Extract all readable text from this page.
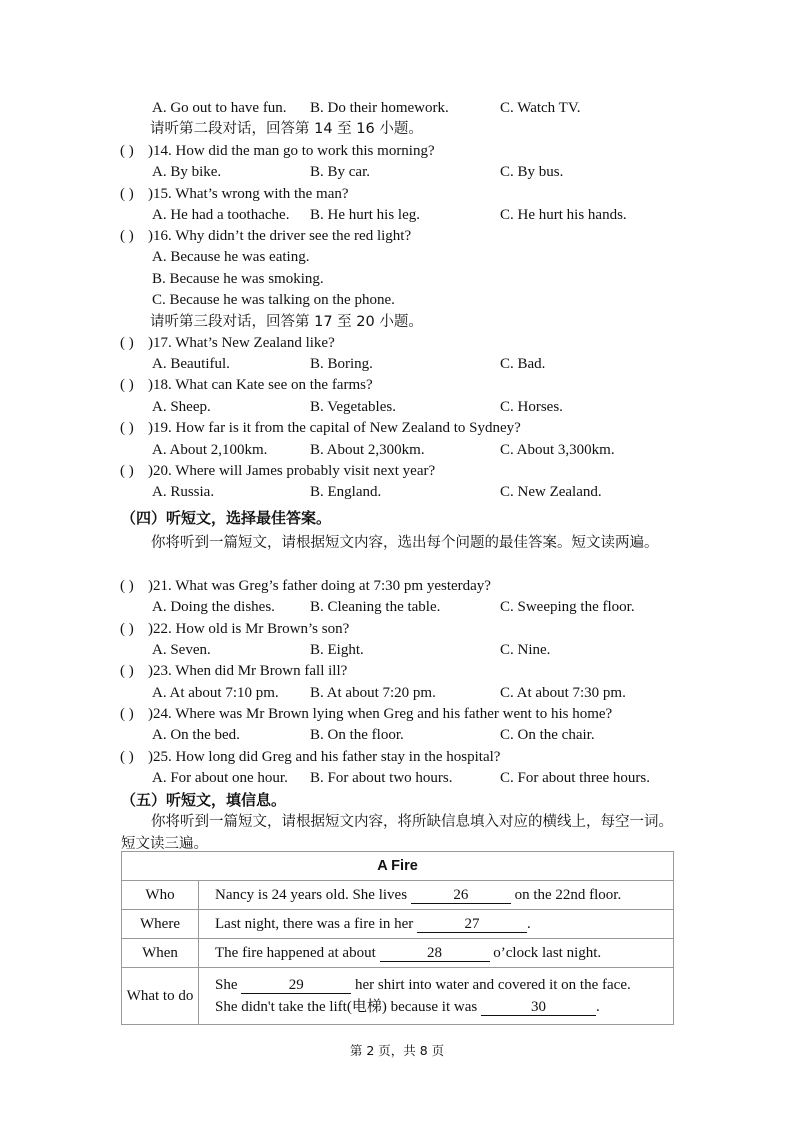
A. Go out to have fun. B. Do their homework.	C. Watch TV.
请听第二段对话，回答第 14 至 16 小题。
( ) )14. How did the man go to work this morning?
A. By bike.	B. By car.	C. By bus.
( ) )15. What’s wrong with the man?
A. He had a toothache. B. He hurt his leg.	C. He hurt his hands.
( ) )16. Why didn’t the driver see the red light?
A. Because he was eating.
B. Because he was smoking.
C. Because he was talking on the phone.
请听第三段对话，回答第 17 至 20 小题。
( ) )17. What’s New Zealand like?
A. Beautiful.	B. Boring.	C. Bad.
( ) )18. What can Kate see on the farms?
A. Sheep.	B. Vegetables.	C. Horses.
( ) )19. How far is it from the capital of New Zealand to Sydney?
A. About 2,100km.	B. About 2,300km.	C. About 3,300km.
( ) )20. Where will James probably visit next year?
A. Russia.	B. England.	C. New Zealand.
（四）听短文，选择最佳答案。
你将听到一篇短文，请根据短文内容，选出每个问题的最佳答案。短文读两遍。
( ) )21. What was Greg’s father doing at 7:30 pm yesterday?
A. Doing the dishes. B. Cleaning the table.	C. Sweeping the floor.
( ) )22. How old is Mr Brown’s son?
A. Seven.	B. Eight.	C. Nine.
( ) )23. When did Mr Brown fall ill?
A. At about 7:10 pm. B. At about 7:20 pm.	C. At about 7:30 pm.
( ) )24. Where was Mr Brown lying when Greg and his father went to his home?
A. On the bed.	B. On the floor.	C. On the chair.
( ) )25. How long did Greg and his father stay in the hospital?
A. For about one hour. B. For about two hours.	C. For about three hours.
（五）听短文，填信息。
你将听到一篇短文，请根据短文内容，将所缺信息填入对应的横线上，每空一词。短文读三遍。
A Fire	
Who	Nancy is 24 years old. She lives 26 on the 22nd floor.
Where	Last night, there was a fire in her 27 .
When	The fire happened at about 28 o’clock last night.
What to do	She 29 her shirt into water and covered it on the face.
She didn't take the lift(电梯) because it was 30 .
第 2 页，共 8 页
